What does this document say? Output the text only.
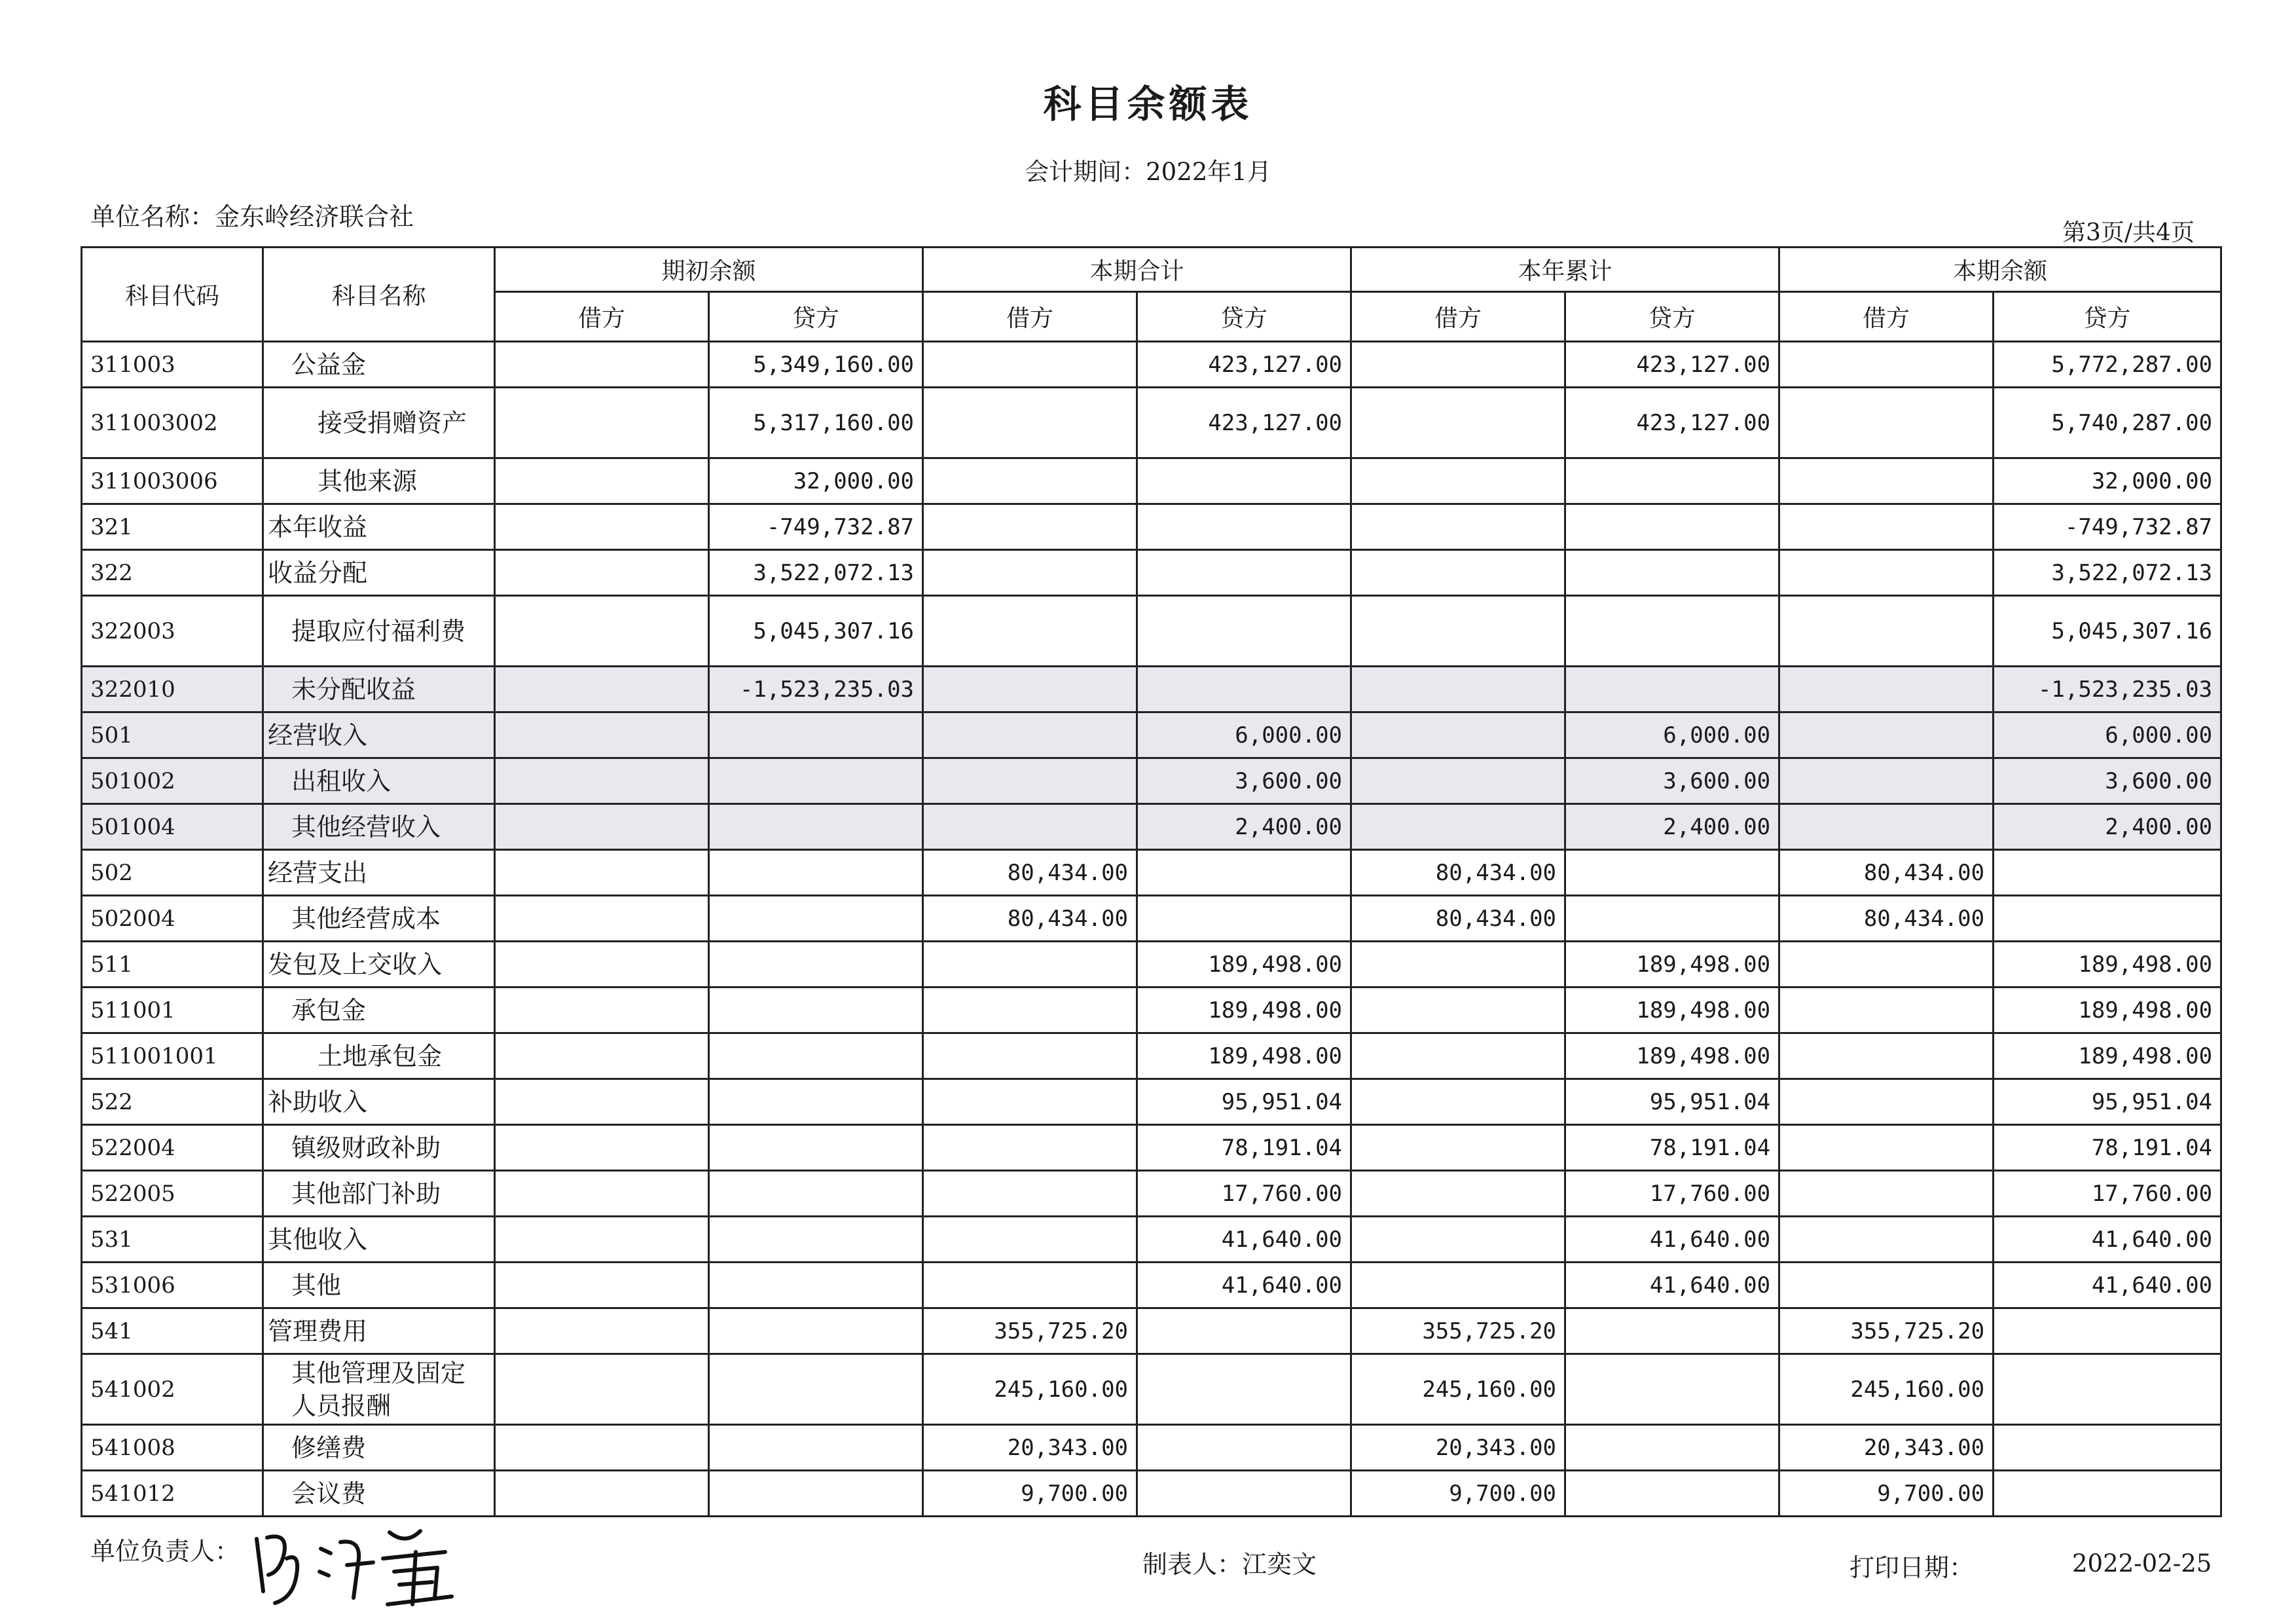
科目余额表
会计期间：2022年1月
单位名称：金东岭经济联合社
第3页/共4页
科目代码	科目名称	期初余额		本期合计		本年累计		本期余额	
		借方	贷方	借方	贷方	借方	贷方	借方	贷方
311003	公益金		5,349,160.00		423,127.00		423,127.00		5,772,287.00
311003002	接受捐赠资产		5,317,160.00		423,127.00		423,127.00		5,740,287.00
311003006	其他来源		32,000.00						32,000.00
321	本年收益		-749,732.87						-749,732.87
322	收益分配		3,522,072.13						3,522,072.13
322003	提取应付福利费		5,045,307.16						5,045,307.16
322010	未分配收益		-1,523,235.03						-1,523,235.03
501	经营收入				6,000.00		6,000.00		6,000.00
501002	出租收入				3,600.00		3,600.00		3,600.00
501004	其他经营收入				2,400.00		2,400.00		2,400.00
502	经营支出			80,434.00		80,434.00		80,434.00	
502004	其他经营成本			80,434.00		80,434.00		80,434.00	
511	发包及上交收入				189,498.00		189,498.00		189,498.00
511001	承包金				189,498.00		189,498.00		189,498.00
511001001	土地承包金				189,498.00		189,498.00		189,498.00
522	补助收入				95,951.04		95,951.04		95,951.04
522004	镇级财政补助				78,191.04		78,191.04		78,191.04
522005	其他部门补助				17,760.00		17,760.00		17,760.00
531	其他收入				41,640.00		41,640.00		41,640.00
531006	其他				41,640.00		41,640.00		41,640.00
541	管理费用			355,725.20		355,725.20		355,725.20	
541002	其他管理及固定人员报酬			245,160.00		245,160.00		245,160.00	
541008	修缮费			20,343.00		20,343.00		20,343.00	
541012	会议费			9,700.00		9,700.00		9,700.00	
单位负责人：	制表人：江奕文	打印日期：	2022-02-25
